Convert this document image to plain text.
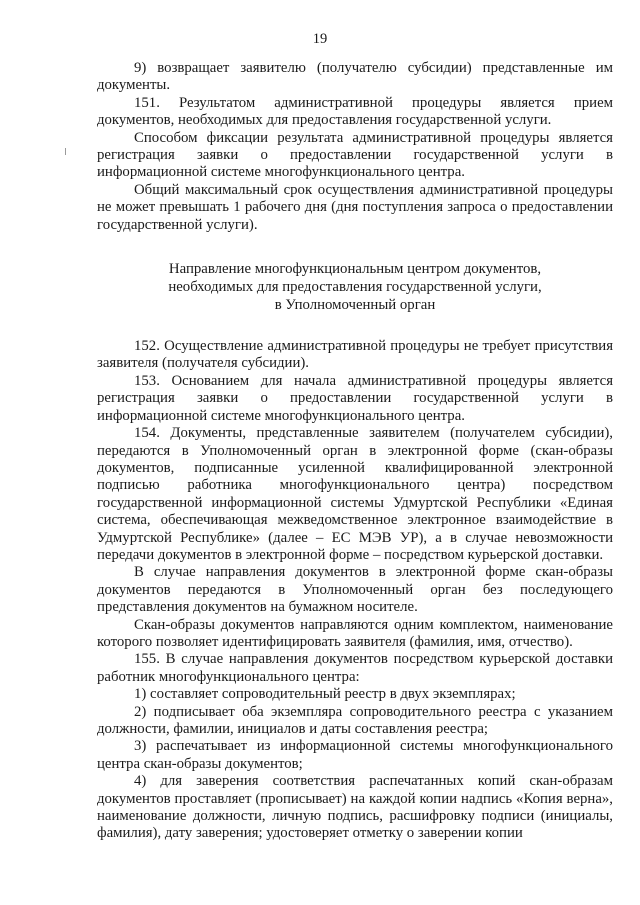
19

9) возвращает заявителю (получателю субсидии) представленные им документы.

151. Результатом административной процедуры является прием документов, необходимых для предоставления государственной услуги.

Способом фиксации результата административной процедуры является регистрация заявки о предоставлении государственной услуги в информационной системе многофункционального центра.

Общий максимальный срок осуществления административной процедуры не может превышать 1 рабочего дня (дня поступления запроса о предоставлении государственной услуги).

Направление многофункциональным центром документов,
необходимых для предоставления государственной услуги,
в Уполномоченный орган

152. Осуществление административной процедуры не требует присутствия заявителя (получателя субсидии).

153. Основанием для начала административной процедуры является регистрация заявки о предоставлении государственной услуги в информационной системе многофункционального центра.

154. Документы, представленные заявителем (получателем субсидии), передаются в Уполномоченный орган в электронной форме (скан-образы документов, подписанные усиленной квалифицированной электронной подписью работника многофункционального центра) посредством государственной информационной системы Удмуртской Республики «Единая система, обеспечивающая межведомственное электронное взаимодействие в Удмуртской Республике» (далее – ЕС МЭВ УР), а в случае невозможности передачи документов в электронной форме – посредством курьерской доставки.

В случае направления документов в электронной форме скан-образы документов передаются в Уполномоченный орган без последующего представления документов на бумажном носителе.

Скан-образы документов направляются одним комплектом, наименование которого позволяет идентифицировать заявителя (фамилия, имя, отчество).

155. В случае направления документов посредством курьерской доставки работник многофункционального центра:

1) составляет сопроводительный реестр в двух экземплярах;

2) подписывает оба экземпляра сопроводительного реестра с указанием должности, фамилии, инициалов и даты составления реестра;

3) распечатывает из информационной системы многофункционального центра скан-образы документов;

4) для заверения соответствия распечатанных копий скан-образам документов проставляет (прописывает) на каждой копии надпись «Копия верна», наименование должности, личную подпись, расшифровку подписи (инициалы, фамилия), дату заверения; удостоверяет отметку о заверении копии
